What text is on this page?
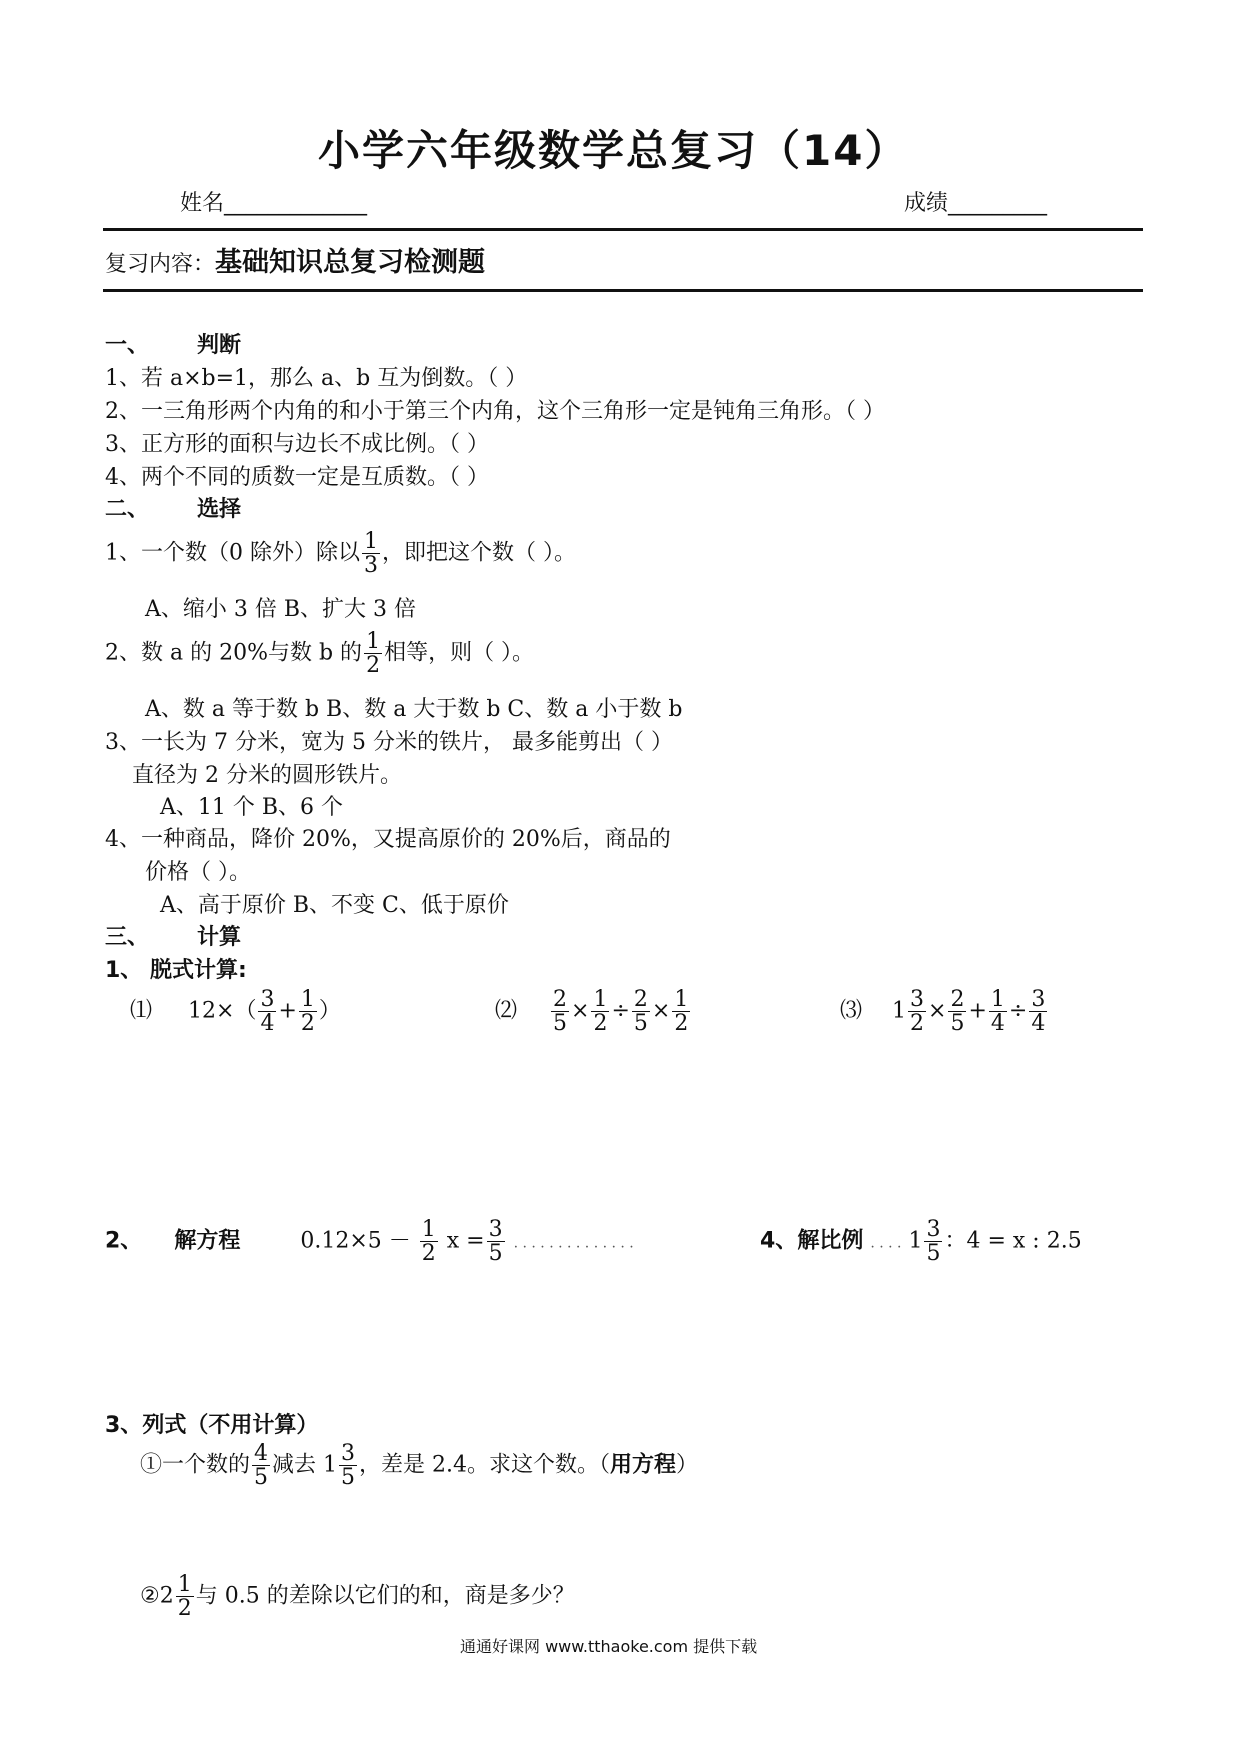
小学六年级数学总复习（14）
姓名_____________	成绩_________
复习内容：基础知识总复习检测题
一、 判断
1、若 a×b=1，那么 a、b 互为倒数。（ ）
2、一三角形两个内角的和小于第三个内角，这个三角形一定是钝角三角形。（ ）
3、正方形的面积与边长不成比例。（ ）
4、两个不同的质数一定是互质数。（ ）
二、 选择
1、一个数（0 除外）除以 $\frac{1}{3}$ ，即把这个数（ ）。
A、缩小 3 倍 B、扩大 3 倍
2、数 a 的 20%与数 b 的 $\frac{1}{2}$ 相等，则（ ）。
A、数 a 等于数 b B、数 a 大于数 b C、数 a 小于数 b
3、一长为 7 分米，宽为 5 分米的铁片， 最多能剪出（ ）
直径为 2 分米的圆形铁片。
A、11 个 B、6 个
4、一种商品，降价 20%，又提高原价的 20%后，商品的
价格（ ）。
A、高于原价 B、不变 C、低于原价
三、 计算
1、 脱式计算:
⑴ $12\times( \frac{3}{4} + \frac{1}{2}$ ）	⑵ $\frac{2}{5} \times \frac{1}{2} \div \frac{2}{5} \times \frac{1}{2}$	⑶ $1 \frac{3}{2} \times \frac{2}{5} + \frac{1}{4} \div \frac{3}{4}$
2、 解方程	$0.12\times 5 - \frac{1}{2}$ $x = \frac{3}{5}$ . . . . . . . . . . . . . .	4、解比例 . . . . $1 \frac{3}{5}$ ：4 = x : 2.5
3、列式（不用计算）
①一个数的 $\frac{4}{5}$ 减去 $1 \frac{3}{5}$ ，差是 2.4。求这个数。（用方程）
②2 $\frac{1}{2}$ 与 0.5 的差除以它们的和，商是多少？
通通好课网 www.tthaoke.com 提供下载
